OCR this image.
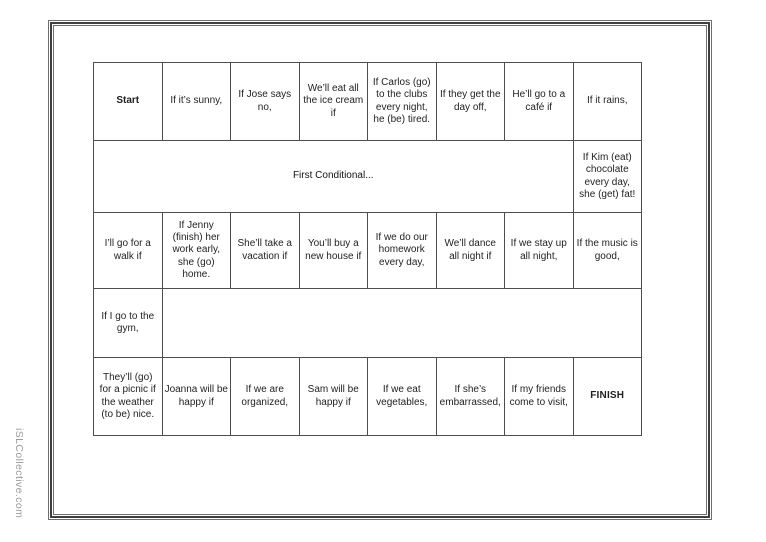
iSLCollective.com
Start	If it’s sunny,	If Jose says no,	We’ll eat all the ice cream if	If Carlos (go) to the clubs every night, he (be) tired.	If they get the day off,	He’ll go to a café if	If it rains,
First Conditional...							If Kim (eat) chocolate every day, she (get) fat!
I’ll go for a walk if	If Jenny (finish) her work early, she (go) home.	She’ll take a vacation if	You’ll buy a new house if	If we do our homework every day,	We’ll dance all night if	If we stay up all night,	If the music is good,
If I go to the gym,							
They’ll (go) for a picnic if the weather (to be) nice.	Joanna will be happy if	If we are organized,	Sam will be happy if	If we eat vegetables,	If she’s embarrassed,	If my friends come to visit,	FINISH
